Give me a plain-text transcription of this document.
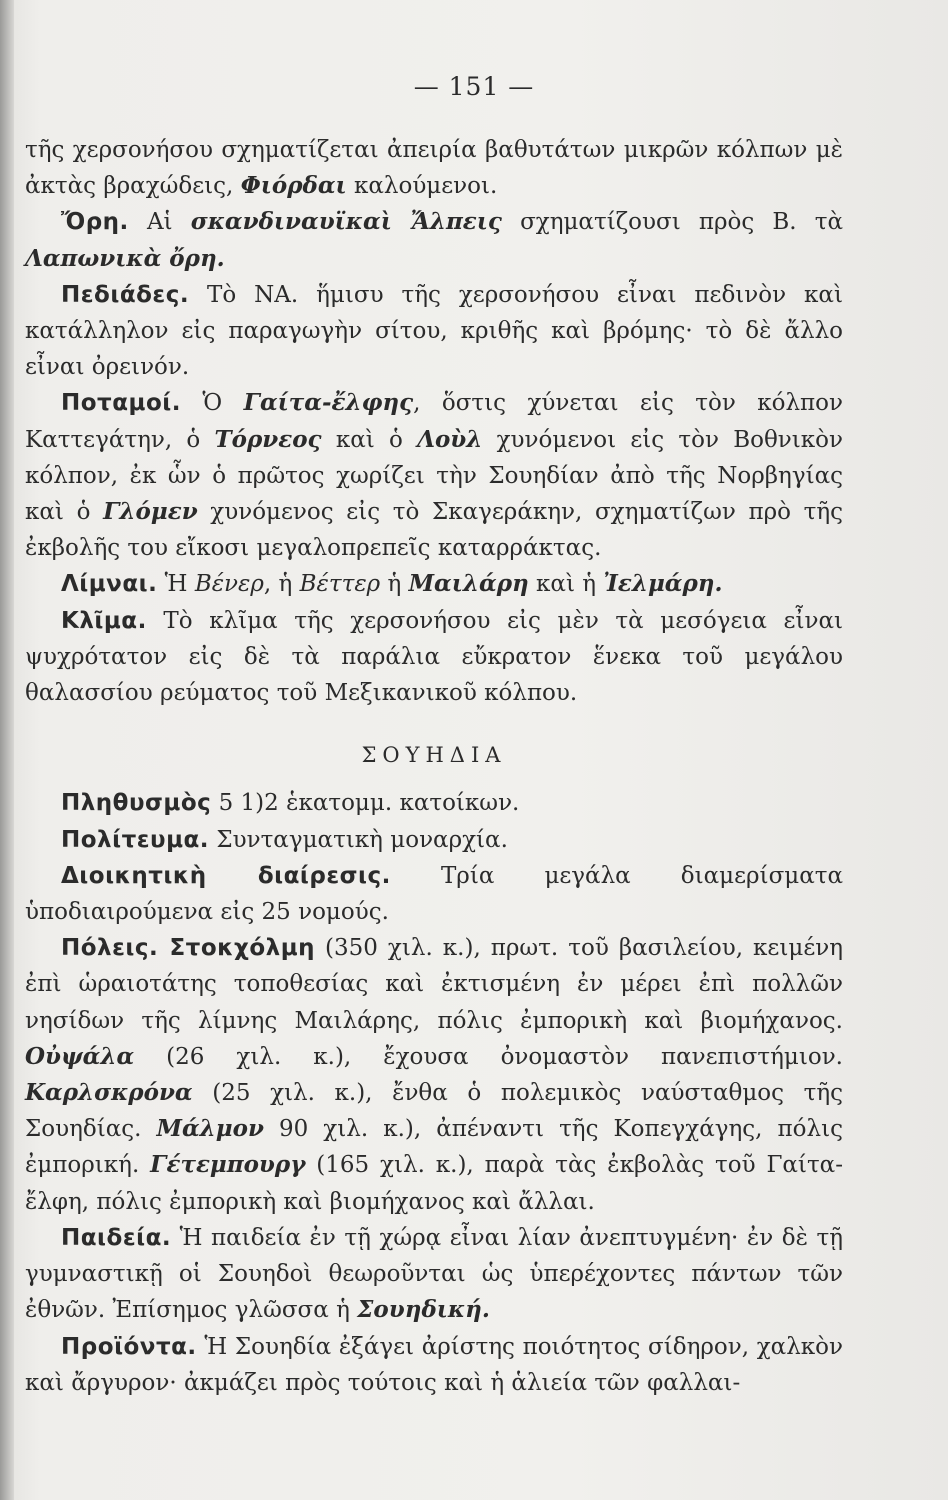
— 151 —

τῆς χερσονήσου σχηματίζεται ἀπειρία βαθυτάτων μικρῶν κόλπων μὲ ἀκτὰς βραχώδεις, Φιόρδαι καλούμενοι.

Ὄρη. Αἱ σκανδιναυϊκαὶ Ἄλπεις σχηματίζουσι πρὸς Β. τὰ Λαπωνικὰ ὄρη.

Πεδιάδες. Τὸ ΝΑ. ἥμισυ τῆς χερσονήσου εἶναι πεδινὸν καὶ κατάλληλον εἰς παραγωγὴν σίτου, κριθῆς καὶ βρόμης· τὸ δὲ ἄλλο εἶναι ὀρεινόν.

Ποταμοί. Ὁ Γαίτα-ἔλφης, ὅστις χύνεται εἰς τὸν κόλπον Καττεγάτην, ὁ Τόρνεος καὶ ὁ Λοὺλ χυνόμενοι εἰς τὸν Βοθνικὸν κόλπον, ἐκ ὧν ὁ πρῶτος χωρίζει τὴν Σουηδίαν ἀπὸ τῆς Νορβηγίας καὶ ὁ Γλόμεν χυνόμενος εἰς τὸ Σκαγεράκην, σχηματίζων πρὸ τῆς ἐκβολῆς του εἴκοσι μεγαλοπρεπεῖς καταρράκτας.

Λίμναι. Ἡ Βένερ, ἡ Βέττερ ἡ Μαιλάρη καὶ ἡ Ἰελμάρη.

Κλῖμα. Τὸ κλῖμα τῆς χερσονήσου εἰς μὲν τὰ μεσόγεια εἶναι ψυχρότατον εἰς δὲ τὰ παράλια εὔκρατον ἕνεκα τοῦ μεγάλου θαλασσίου ρεύματος τοῦ Μεξικανικοῦ κόλπου.

ΣΟΥΗΔΙΑ

Πληθυσμὸς 5 1)2 ἑκατομμ. κατοίκων.

Πολίτευμα. Συνταγματικὴ μοναρχία.

Διοικητικὴ διαίρεσις. Τρία μεγάλα διαμερίσματα ὑποδιαιρούμενα εἰς 25 νομούς.

Πόλεις. Στοκχόλμη (350 χιλ. κ.), πρωτ. τοῦ βασιλείου, κειμένη ἐπὶ ὡραιοτάτης τοποθεσίας καὶ ἐκτισμένη ἐν μέρει ἐπὶ πολλῶν νησίδων τῆς λίμνης Μαιλάρης, πόλις ἐμπορικὴ καὶ βιομήχανος. Οὐψάλα (26 χιλ. κ.), ἔχουσα ὀνομαστὸν πανεπιστήμιον. Καρλσκρόνα (25 χιλ. κ.), ἔνθα ὁ πολεμικὸς ναύσταθμος τῆς Σουηδίας. Μάλμον 90 χιλ. κ.), ἀπέναντι τῆς Κοπεγχάγης, πόλις ἐμπορική. Γέτεμπουργ (165 χιλ. κ.), παρὰ τὰς ἐκβολὰς τοῦ Γαίτα-ἔλφη, πόλις ἐμπορικὴ καὶ βιομήχανος καὶ ἄλλαι.

Παιδεία. Ἡ παιδεία ἐν τῇ χώρᾳ εἶναι λίαν ἀνεπτυγμένη· ἐν δὲ τῇ γυμναστικῇ οἱ Σουηδοὶ θεωροῦνται ὡς ὑπερέχοντες πάντων τῶν ἐθνῶν. Ἐπίσημος γλῶσσα ἡ Σουηδική.

Προϊόντα. Ἡ Σουηδία ἐξάγει ἀρίστης ποιότητος σίδηρον, χαλκὸν καὶ ἄργυρον· ἀκμάζει πρὸς τούτοις καὶ ἡ ἁλιεία τῶν φαλλαι-
